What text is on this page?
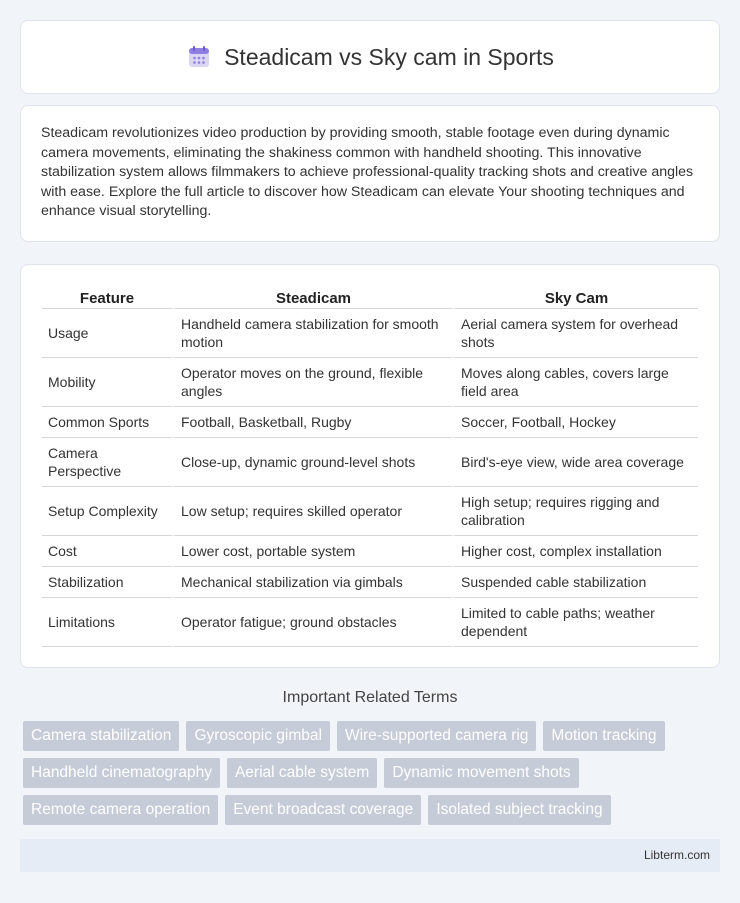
Steadicam vs Sky cam in Sports

Steadicam revolutionizes video production by providing smooth, stable footage even during dynamic camera movements, eliminating the shakiness common with handheld shooting. This innovative stabilization system allows filmmakers to achieve professional-quality tracking shots and creative angles with ease. Explore the full article to discover how Steadicam can elevate Your shooting techniques and enhance visual storytelling.

Feature	Steadicam	Sky Cam
Usage	Handheld camera stabilization for smooth motion	Aerial camera system for overhead shots
Mobility	Operator moves on the ground, flexible angles	Moves along cables, covers large field area
Common Sports	Football, Basketball, Rugby	Soccer, Football, Hockey
Camera Perspective	Close-up, dynamic ground-level shots	Bird's-eye view, wide area coverage
Setup Complexity	Low setup; requires skilled operator	High setup; requires rigging and calibration
Cost	Lower cost, portable system	Higher cost, complex installation
Stabilization	Mechanical stabilization via gimbals	Suspended cable stabilization
Limitations	Operator fatigue; ground obstacles	Limited to cable paths; weather dependent
Important Related Terms
Camera stabilization	Gyroscopic gimbal	Wire-supported camera rig	Motion tracking
Handheld cinematography	Aerial cable system	Dynamic movement shots
Remote camera operation	Event broadcast coverage	Isolated subject tracking
Libterm.com
